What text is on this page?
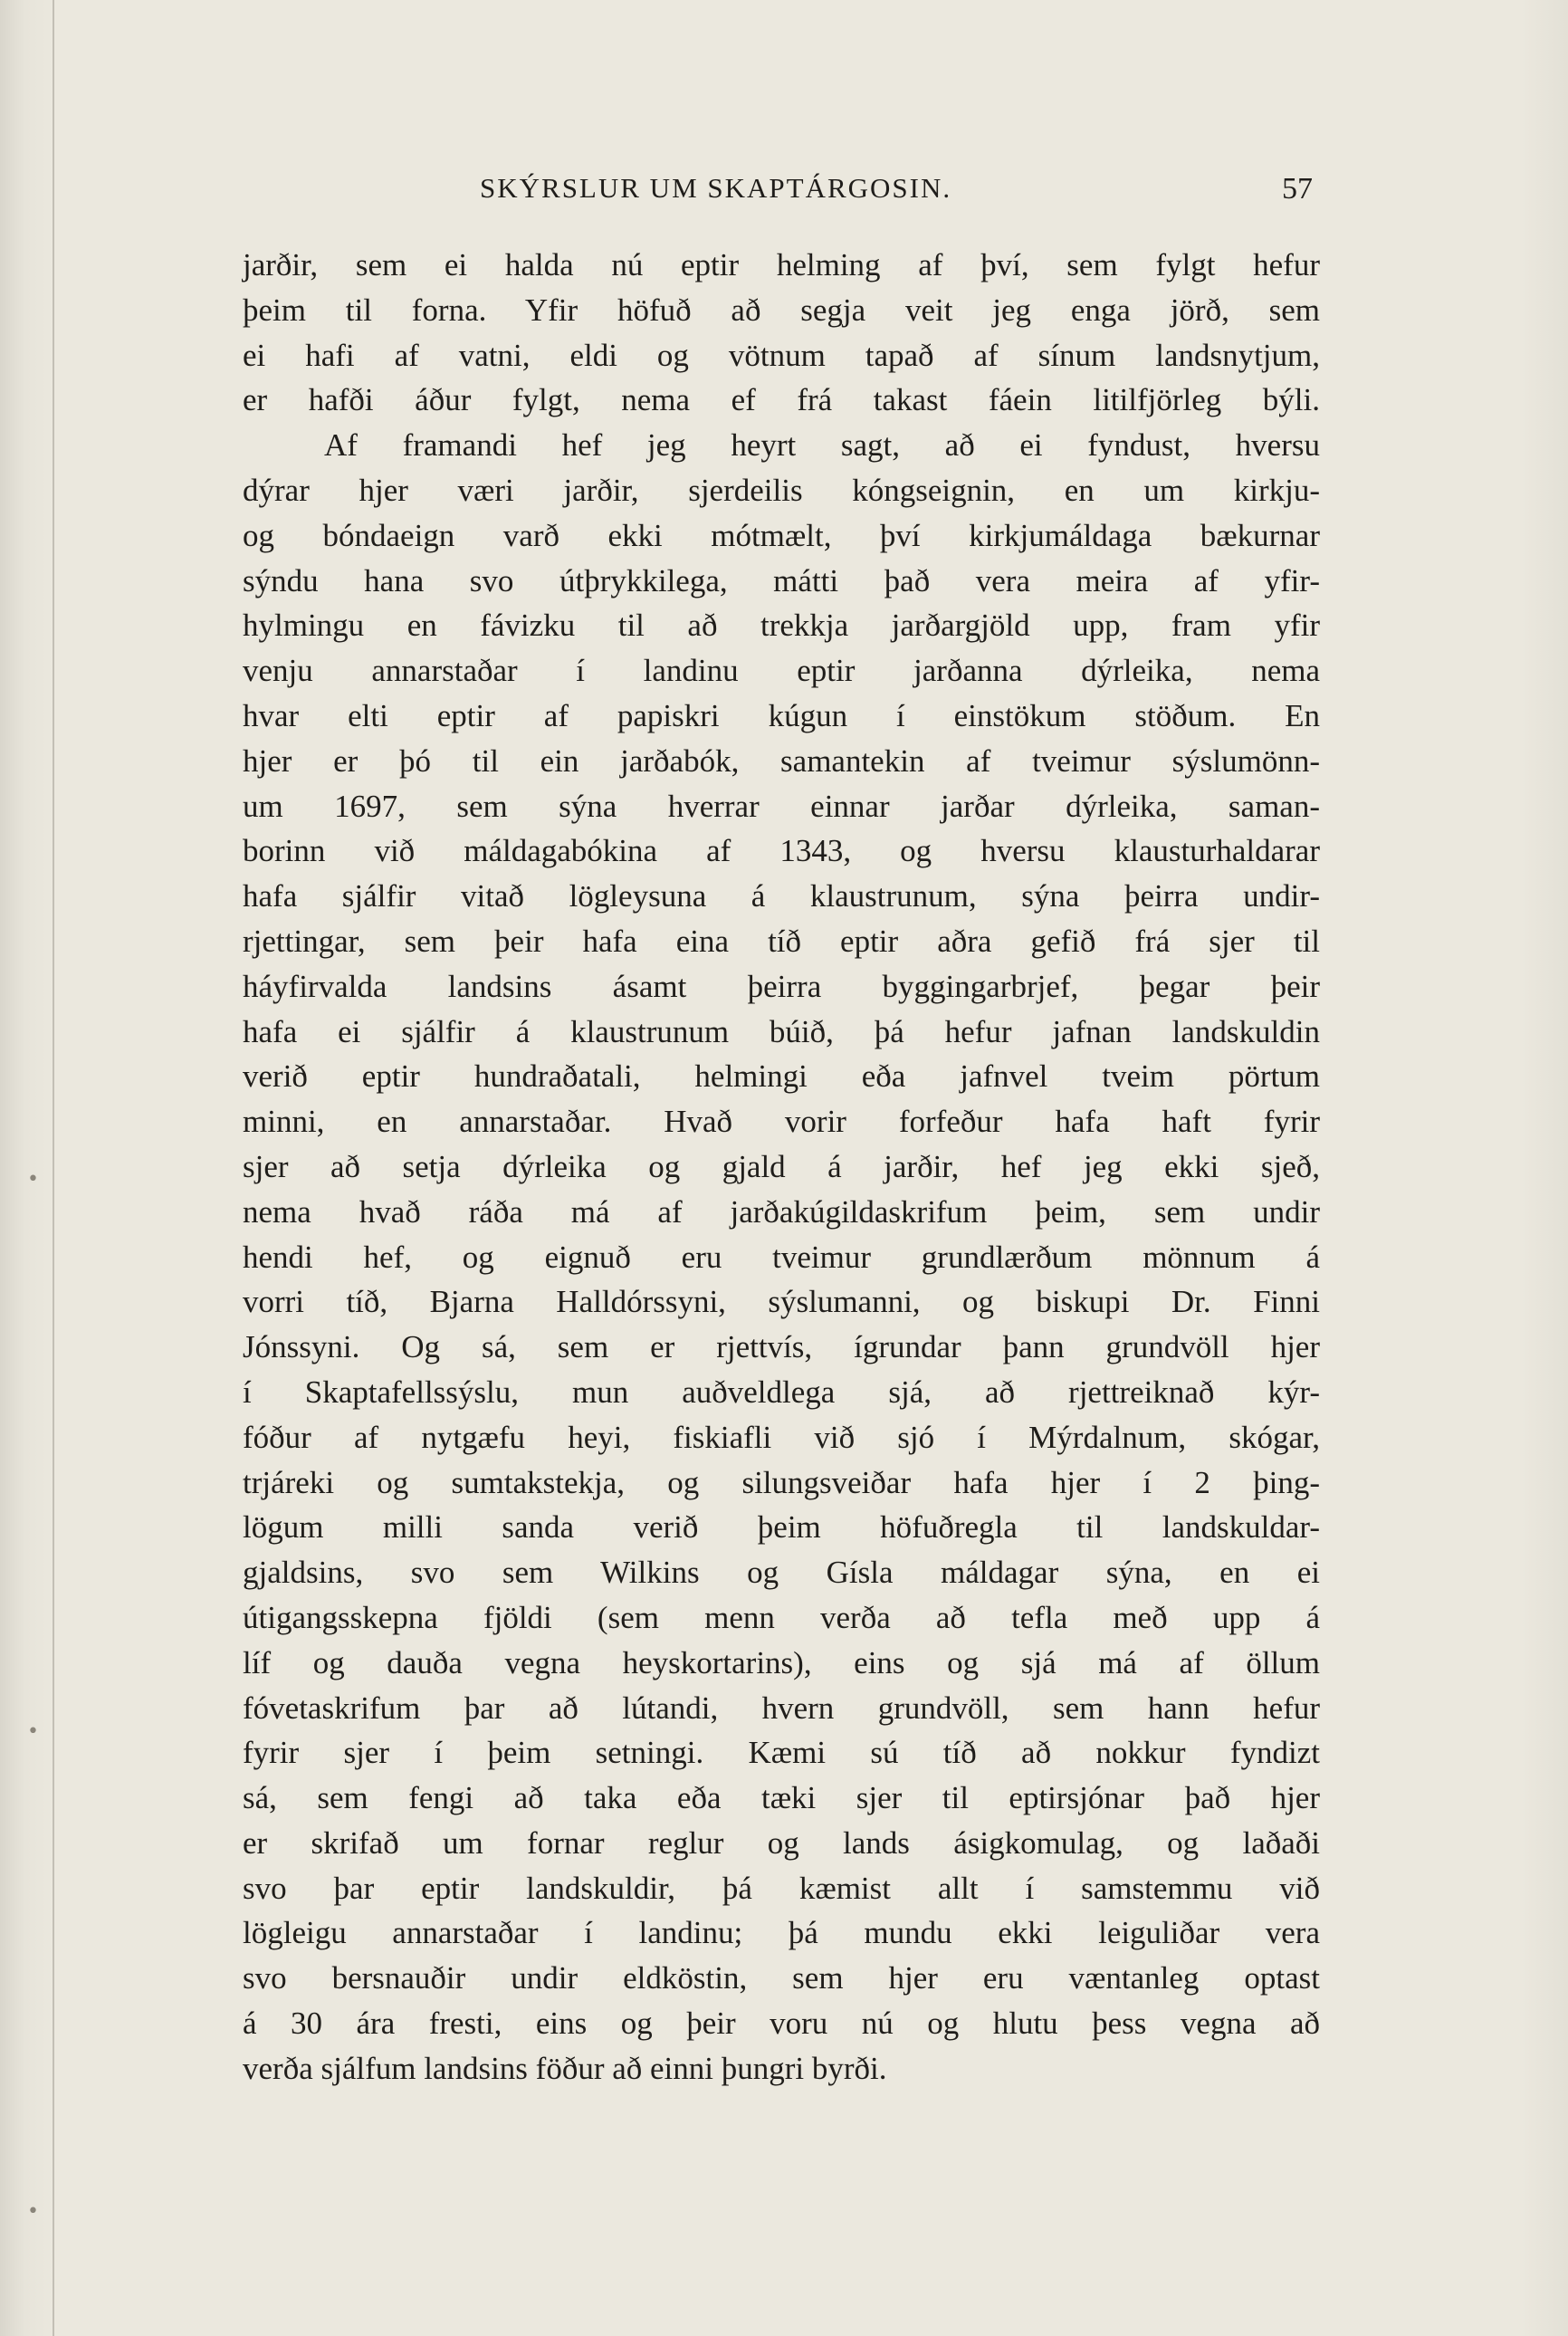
•
•
•
SKÝRSLUR UM SKAPTÁRGOSIN.	57
jarðir, sem ei halda nú eptir helming af því, sem fylgt hefur
þeim til forna. Yfir höfuð að segja veit jeg enga jörð, sem
ei hafi af vatni, eldi og vötnum tapað af sínum landsnytjum,
er hafði áður fylgt, nema ef frá takast fáein litilfjörleg býli.
Af framandi hef jeg heyrt sagt, að ei fyndust, hversu
dýrar hjer væri jarðir, sjerdeilis kóngseignin, en um kirkju-
og bóndaeign varð ekki mótmælt, því kirkjumáldaga bækurnar
sýndu hana svo útþrykkilega, mátti það vera meira af yfir-
hylmingu en fávizku til að trekkja jarðargjöld upp, fram yfir
venju annarstaðar í landinu eptir jarðanna dýrleika, nema
hvar elti eptir af papiskri kúgun í einstökum stöðum. En
hjer er þó til ein jarðabók, samantekin af tveimur sýslumönn-
um 1697, sem sýna hverrar einnar jarðar dýrleika, saman-
borinn við máldagabókina af 1343, og hversu klausturhaldarar
hafa sjálfir vitað lögleysuna á klaustrunum, sýna þeirra undir-
rjettingar, sem þeir hafa eina tíð eptir aðra gefið frá sjer til
háyfirvalda landsins ásamt þeirra byggingarbrjef, þegar þeir
hafa ei sjálfir á klaustrunum búið, þá hefur jafnan landskuldin
verið eptir hundraðatali, helmingi eða jafnvel tveim pörtum
minni, en annarstaðar. Hvað vorir forfeður hafa haft fyrir
sjer að setja dýrleika og gjald á jarðir, hef jeg ekki sjeð,
nema hvað ráða má af jarðakúgildaskrifum þeim, sem undir
hendi hef, og eignuð eru tveimur grundlærðum mönnum á
vorri tíð, Bjarna Halldórssyni, sýslumanni, og biskupi Dr. Finni
Jónssyni. Og sá, sem er rjettvís, ígrundar þann grundvöll hjer
í Skaptafellssýslu, mun auðveldlega sjá, að rjettreiknað kýr-
fóður af nytgæfu heyi, fiskiafli við sjó í Mýrdalnum, skógar,
trjáreki og sumtakstekja, og silungsveiðar hafa hjer í 2 þing-
lögum milli sanda verið þeim höfuðregla til landskuldar-
gjaldsins, svo sem Wilkins og Gísla máldagar sýna, en ei
útigangsskepna fjöldi (sem menn verða að tefla með upp á
líf og dauða vegna heyskortarins), eins og sjá má af öllum
fóvetaskrifum þar að lútandi, hvern grundvöll, sem hann hefur
fyrir sjer í þeim setningi. Kæmi sú tíð að nokkur fyndizt
sá, sem fengi að taka eða tæki sjer til eptirsjónar það hjer
er skrifað um fornar reglur og lands ásigkomulag, og laðaði
svo þar eptir landskuldir, þá kæmist allt í samstemmu við
lögleigu annarstaðar í landinu; þá mundu ekki leiguliðar vera
svo bersnauðir undir eldköstin, sem hjer eru væntanleg optast
á 30 ára fresti, eins og þeir voru nú og hlutu þess vegna að
verða sjálfum landsins föður að einni þungri byrði.
